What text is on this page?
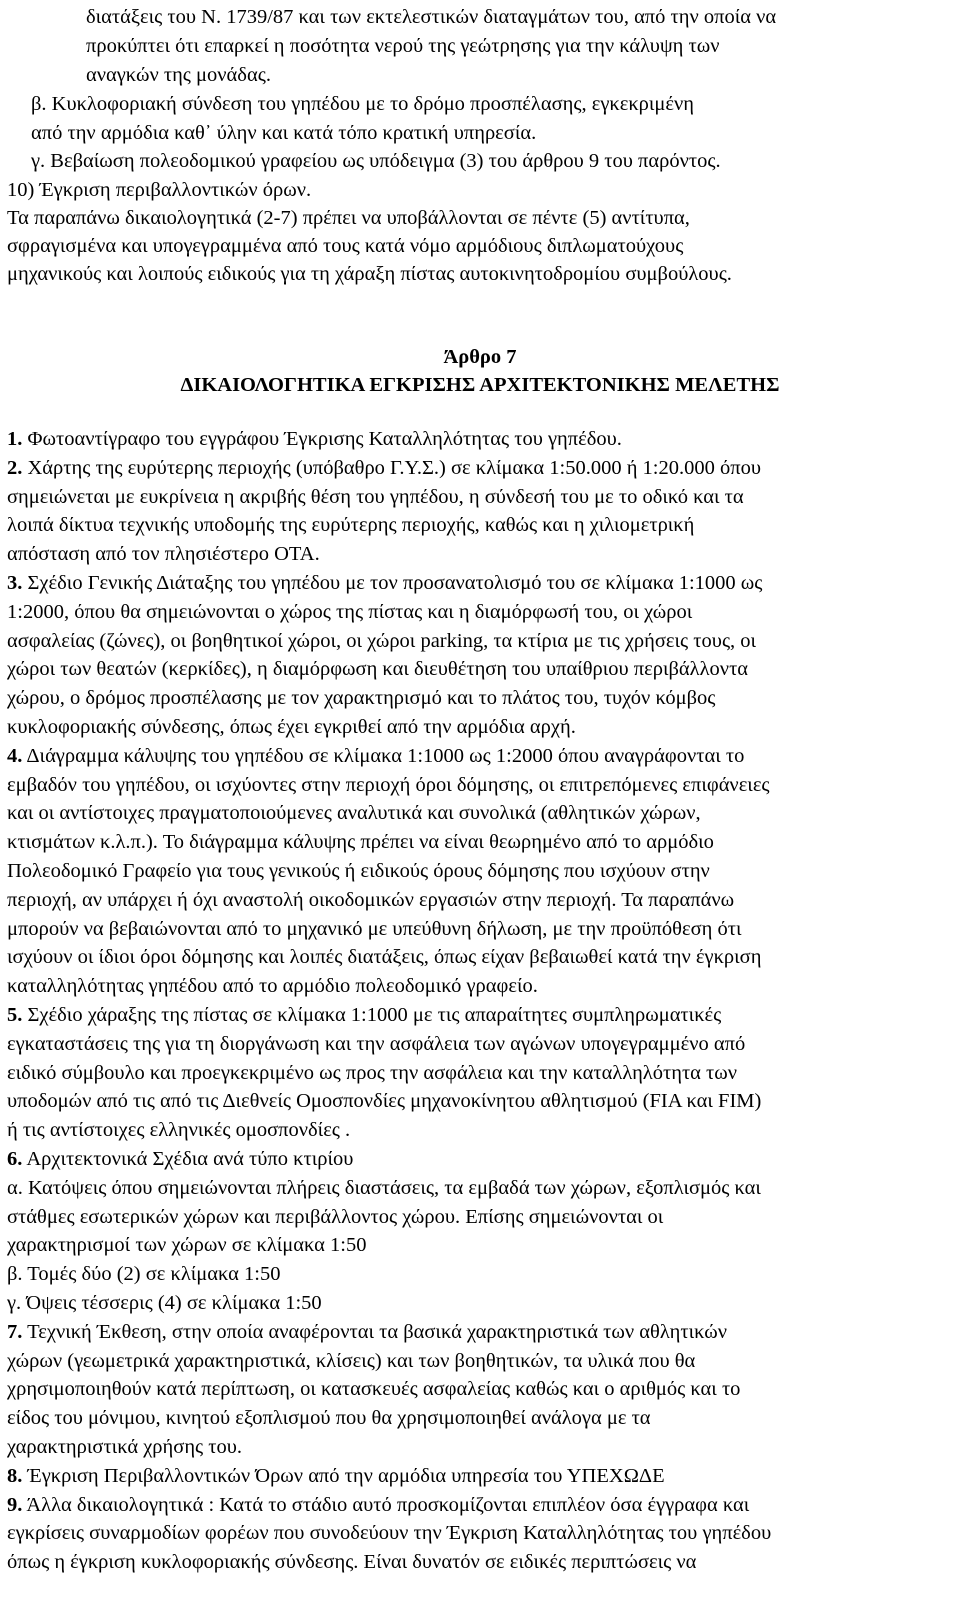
διατάξεις του Ν. 1739/87 και των εκτελεστικών διαταγμάτων του, από την οποία να
προκύπτει ότι επαρκεί η ποσότητα νερού της γεώτρησης για την κάλυψη των
αναγκών της μονάδας.
β. Κυκλοφοριακή σύνδεση του γηπέδου με το δρόμο προσπέλασης, εγκεκριμένη
από την αρμόδια καθ᾽ ύλην και κατά τόπο κρατική υπηρεσία.
γ. Βεβαίωση πολεοδομικού γραφείου ως υπόδειγμα (3) του άρθρου 9 του παρόντος.
10) Έγκριση περιβαλλοντικών όρων.
Τα παραπάνω δικαιολογητικά (2-7) πρέπει να υποβάλλονται σε πέντε (5) αντίτυπα,
σφραγισμένα και υπογεγραμμένα από τους κατά νόμο αρμόδιους διπλωματούχους
μηχανικούς και λοιπούς ειδικούς για τη χάραξη πίστας αυτοκινητοδρομίου συμβούλους.
Άρθρο 7
ΔΙΚΑΙΟΛΟΓΗΤΙΚΑ ΕΓΚΡΙΣΗΣ ΑΡΧΙΤΕΚΤΟΝΙΚΗΣ ΜΕΛΕΤΗΣ
1. Φωτοαντίγραφο του εγγράφου Έγκρισης Καταλληλότητας του γηπέδου.
2. Χάρτης της ευρύτερης περιοχής (υπόβαθρο Γ.Υ.Σ.) σε κλίμακα 1:50.000 ή 1:20.000 όπου
σημειώνεται με ευκρίνεια η ακριβής θέση του γηπέδου, η σύνδεσή του με το οδικό και τα
λοιπά δίκτυα τεχνικής υποδομής της ευρύτερης περιοχής, καθώς και η χιλιομετρική
απόσταση από τον πλησιέστερο ΟΤΑ.
3. Σχέδιο Γενικής Διάταξης του γηπέδου με τον προσανατολισμό του σε κλίμακα 1:1000 ως
1:2000, όπου θα σημειώνονται ο χώρος της πίστας και η διαμόρφωσή του, οι χώροι
ασφαλείας (ζώνες), οι βοηθητικοί χώροι, οι χώροι parking, τα κτίρια με τις χρήσεις τους, οι
χώροι των θεατών (κερκίδες), η διαμόρφωση και διευθέτηση του υπαίθριου περιβάλλοντα
χώρου, ο δρόμος προσπέλασης με τον χαρακτηρισμό και το πλάτος του, τυχόν κόμβος
κυκλοφοριακής σύνδεσης, όπως έχει εγκριθεί από την αρμόδια αρχή.
4. Διάγραμμα κάλυψης του γηπέδου σε κλίμακα 1:1000 ως 1:2000 όπου αναγράφονται το
εμβαδόν του γηπέδου, οι ισχύοντες στην περιοχή όροι δόμησης, οι επιτρεπόμενες επιφάνειες
και οι αντίστοιχες πραγματοποιούμενες αναλυτικά και συνολικά (αθλητικών χώρων,
κτισμάτων κ.λ.π.). Το διάγραμμα κάλυψης πρέπει να είναι θεωρημένο από το αρμόδιο
Πολεοδομικό Γραφείο για τους γενικούς ή ειδικούς όρους δόμησης που ισχύουν στην
περιοχή, αν υπάρχει ή όχι αναστολή οικοδομικών εργασιών στην περιοχή. Τα παραπάνω
μπορούν να βεβαιώνονται από το μηχανικό με υπεύθυνη δήλωση, με την προϋπόθεση ότι
ισχύουν οι ίδιοι όροι δόμησης και λοιπές διατάξεις, όπως είχαν βεβαιωθεί κατά την έγκριση
καταλληλότητας γηπέδου από το αρμόδιο πολεοδομικό γραφείο.
5. Σχέδιο χάραξης της πίστας σε κλίμακα 1:1000 με τις απαραίτητες συμπληρωματικές
εγκαταστάσεις της για τη διοργάνωση και την ασφάλεια των αγώνων υπογεγραμμένο από
ειδικό σύμβουλο και προεγκεκριμένο ως προς την ασφάλεια και την καταλληλότητα των
υποδομών από τις από τις Διεθνείς Ομοσπονδίες μηχανοκίνητου αθλητισμού (FIA και FIM)
ή τις αντίστοιχες ελληνικές ομοσπονδίες .
6. Αρχιτεκτονικά Σχέδια ανά τύπο κτιρίου
α. Κατόψεις όπου σημειώνονται πλήρεις διαστάσεις, τα εμβαδά των χώρων, εξοπλισμός και
στάθμες εσωτερικών χώρων και περιβάλλοντος χώρου. Επίσης σημειώνονται οι
χαρακτηρισμοί των χώρων σε κλίμακα 1:50
β. Τομές δύο (2) σε κλίμακα 1:50
γ. Όψεις τέσσερις (4) σε κλίμακα 1:50
7. Τεχνική Έκθεση, στην οποία αναφέρονται τα βασικά χαρακτηριστικά των αθλητικών
χώρων (γεωμετρικά χαρακτηριστικά, κλίσεις) και των βοηθητικών, τα υλικά που θα
χρησιμοποιηθούν κατά περίπτωση, οι κατασκευές ασφαλείας καθώς και ο αριθμός και το
είδος του μόνιμου, κινητού εξοπλισμού που θα χρησιμοποιηθεί ανάλογα με τα
χαρακτηριστικά χρήσης του.
8. Έγκριση Περιβαλλοντικών Όρων από την αρμόδια υπηρεσία του ΥΠΕΧΩΔΕ
9. Άλλα δικαιολογητικά : Κατά το στάδιο αυτό προσκομίζονται επιπλέον όσα έγγραφα και
εγκρίσεις συναρμοδίων φορέων που συνοδεύουν την Έγκριση Καταλληλότητας του γηπέδου
όπως η έγκριση κυκλοφοριακής σύνδεσης. Είναι δυνατόν σε ειδικές περιπτώσεις να
